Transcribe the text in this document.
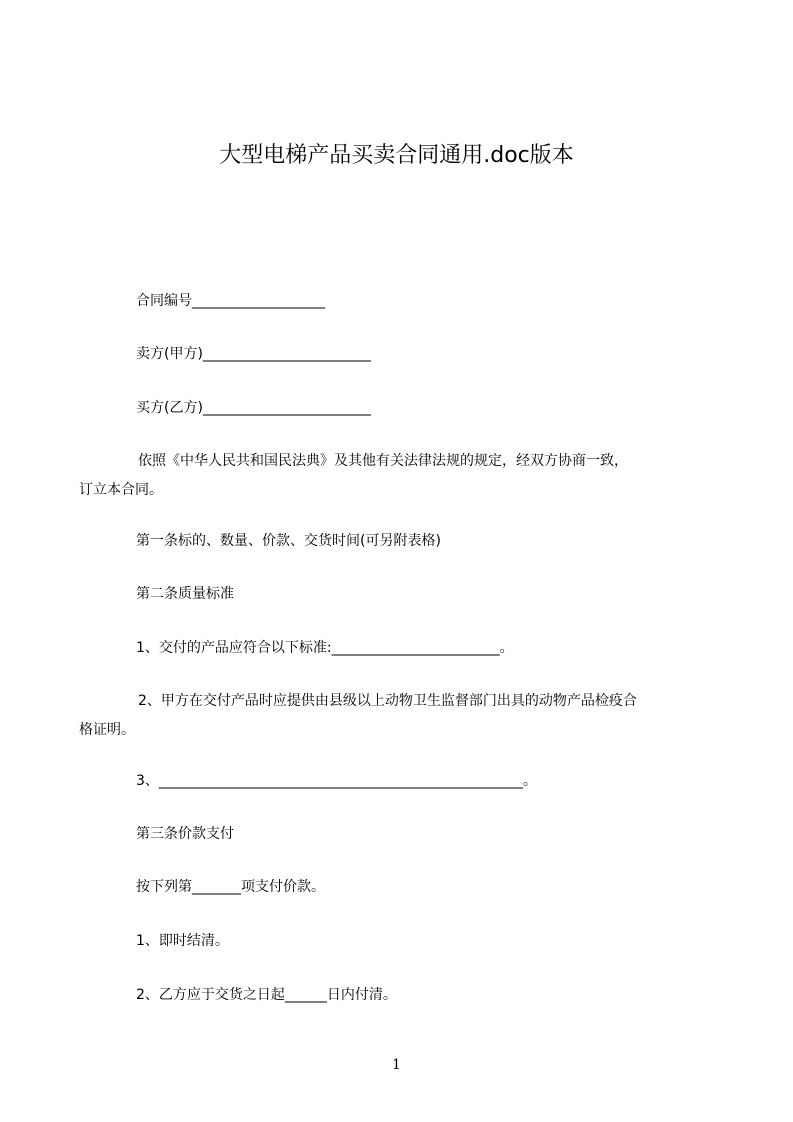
大型电梯产品买卖合同通用.doc版本

合同编号___________________

卖方(甲方)________________________

买方(乙方)________________________

依照《中华人民共和国民法典》及其他有关法律法规的规定，经双方协商一致，
订立本合同。

第一条标的、数量、价款、交货时间(可另附表格)

第二条质量标准

1、交付的产品应符合以下标准:________________________。

2、甲方在交付产品时应提供由县级以上动物卫生监督部门出具的动物产品检疫合
格证明。

3、____________________________________________________。

第三条价款支付

按下列第_______项支付价款。

1、即时结清。

2、乙方应于交货之日起______日内付清。

1
